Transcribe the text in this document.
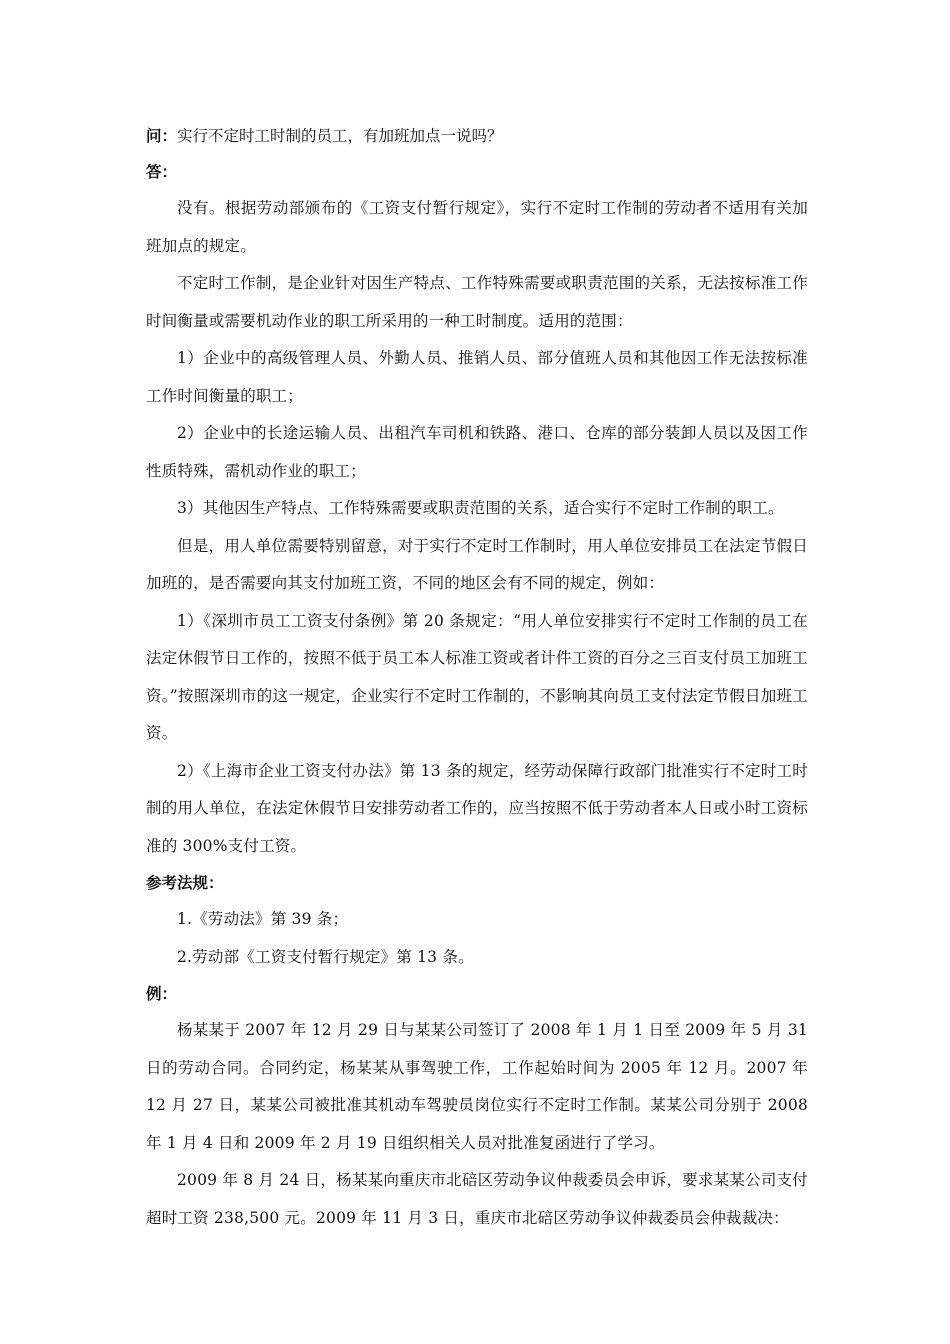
问：实行不定时工时制的员工，有加班加点一说吗？

答：

没有。根据劳动部颁布的《工资支付暂行规定》，实行不定时工作制的劳动者不适用有关加班加点的规定。

不定时工作制，是企业针对因生产特点、工作特殊需要或职责范围的关系，无法按标准工作时间衡量或需要机动作业的职工所采用的一种工时制度。适用的范围：

1）企业中的高级管理人员、外勤人员、推销人员、部分值班人员和其他因工作无法按标准工作时间衡量的职工；

2）企业中的长途运输人员、出租汽车司机和铁路、港口、仓库的部分装卸人员以及因工作性质特殊，需机动作业的职工；

3）其他因生产特点、工作特殊需要或职责范围的关系，适合实行不定时工作制的职工。

但是，用人单位需要特别留意，对于实行不定时工作制时，用人单位安排员工在法定节假日加班的，是否需要向其支付加班工资，不同的地区会有不同的规定，例如：

1）《深圳市员工工资支付条例》第 20 条规定：“用人单位安排实行不定时工作制的员工在法定休假节日工作的，按照不低于员工本人标准工资或者计件工资的百分之三百支付员工加班工资。”按照深圳市的这一规定，企业实行不定时工作制的，不影响其向员工支付法定节假日加班工资。

2）《上海市企业工资支付办法》第 13 条的规定，经劳动保障行政部门批准实行不定时工时制的用人单位，在法定休假节日安排劳动者工作的，应当按照不低于劳动者本人日或小时工资标准的 300%支付工资。

参考法规：

1.《劳动法》第 39 条；

2.劳动部《工资支付暂行规定》第 13 条。

例：

杨某某于 2007 年 12 月 29 日与某某公司签订了 2008 年 1 月 1 日至 2009 年 5 月 31 日的劳动合同。合同约定，杨某某从事驾驶工作，工作起始时间为 2005 年 12 月。2007 年 12 月 27 日，某某公司被批准其机动车驾驶员岗位实行不定时工作制。某某公司分别于 2008 年 1 月 4 日和 2009 年 2 月 19 日组织相关人员对批准复函进行了学习。

2009 年 8 月 24 日，杨某某向重庆市北碚区劳动争议仲裁委员会申诉，要求某某公司支付超时工资 238,500 元。2009 年 11 月 3 日，重庆市北碚区劳动争议仲裁委员会仲裁裁决：
